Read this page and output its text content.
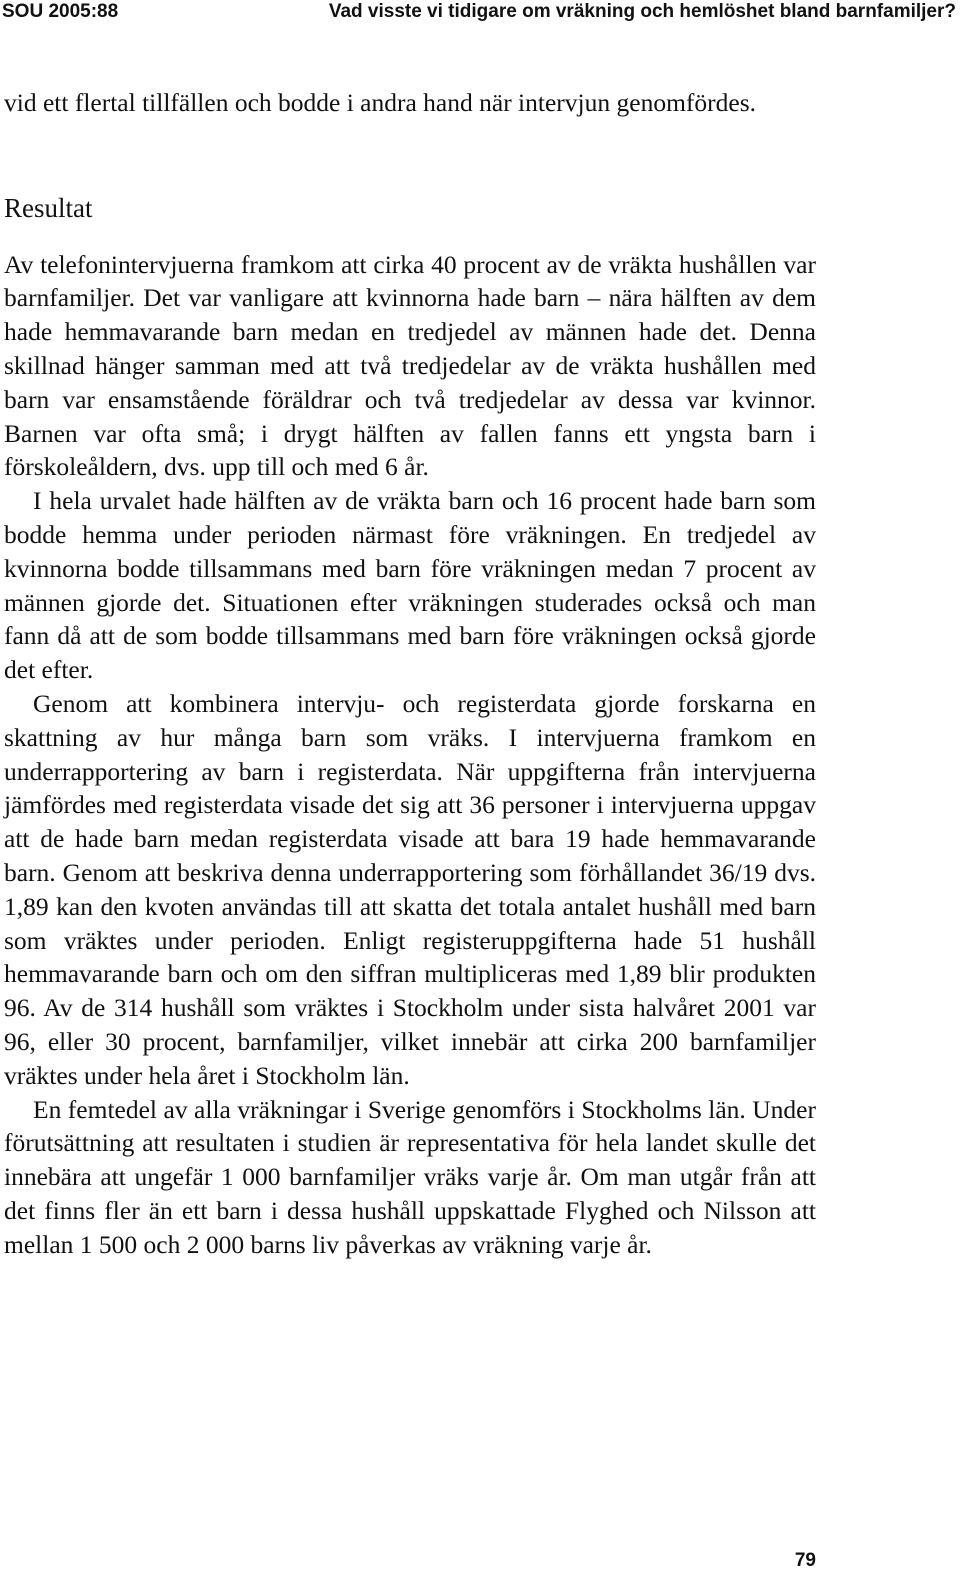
SOU 2005:88	Vad visste vi tidigare om vräkning och hemlöshet bland barnfamiljer?

vid ett flertal tillfällen och bodde i andra hand när intervjun genomfördes.

Resultat

Av telefonintervjuerna framkom att cirka 40 procent av de vräkta hushållen var barnfamiljer. Det var vanligare att kvinnorna hade barn – nära hälften av dem hade hemmavarande barn medan en tredjedel av männen hade det. Denna skillnad hänger samman med att två tredjedelar av de vräkta hushållen med barn var ensamstående föräldrar och två tredjedelar av dessa var kvinnor. Barnen var ofta små; i drygt hälften av fallen fanns ett yngsta barn i förskoleåldern, dvs. upp till och med 6 år.

I hela urvalet hade hälften av de vräkta barn och 16 procent hade barn som bodde hemma under perioden närmast före vräkningen. En tredjedel av kvinnorna bodde tillsammans med barn före vräkningen medan 7 procent av männen gjorde det. Situationen efter vräkningen studerades också och man fann då att de som bodde tillsammans med barn före vräkningen också gjorde det efter.

Genom att kombinera intervju- och registerdata gjorde forskarna en skattning av hur många barn som vräks. I intervjuerna framkom en underrapportering av barn i registerdata. När uppgifterna från intervjuerna jämfördes med registerdata visade det sig att 36 personer i intervjuerna uppgav att de hade barn medan registerdata visade att bara 19 hade hemmavarande barn. Genom att beskriva denna underrapportering som förhållandet 36/19 dvs. 1,89 kan den kvoten användas till att skatta det totala antalet hushåll med barn som vräktes under perioden. Enligt registeruppgifterna hade 51 hushåll hemmavarande barn och om den siffran multipliceras med 1,89 blir produkten 96. Av de 314 hushåll som vräktes i Stockholm under sista halvåret 2001 var 96, eller 30 procent, barnfamiljer, vilket innebär att cirka 200 barnfamiljer vräktes under hela året i Stockholm län.

En femtedel av alla vräkningar i Sverige genomförs i Stockholms län. Under förutsättning att resultaten i studien är representativa för hela landet skulle det innebära att ungefär 1 000 barnfamiljer vräks varje år. Om man utgår från att det finns fler än ett barn i dessa hushåll uppskattade Flyghed och Nilsson att mellan 1 500 och 2 000 barns liv påverkas av vräkning varje år.

79
